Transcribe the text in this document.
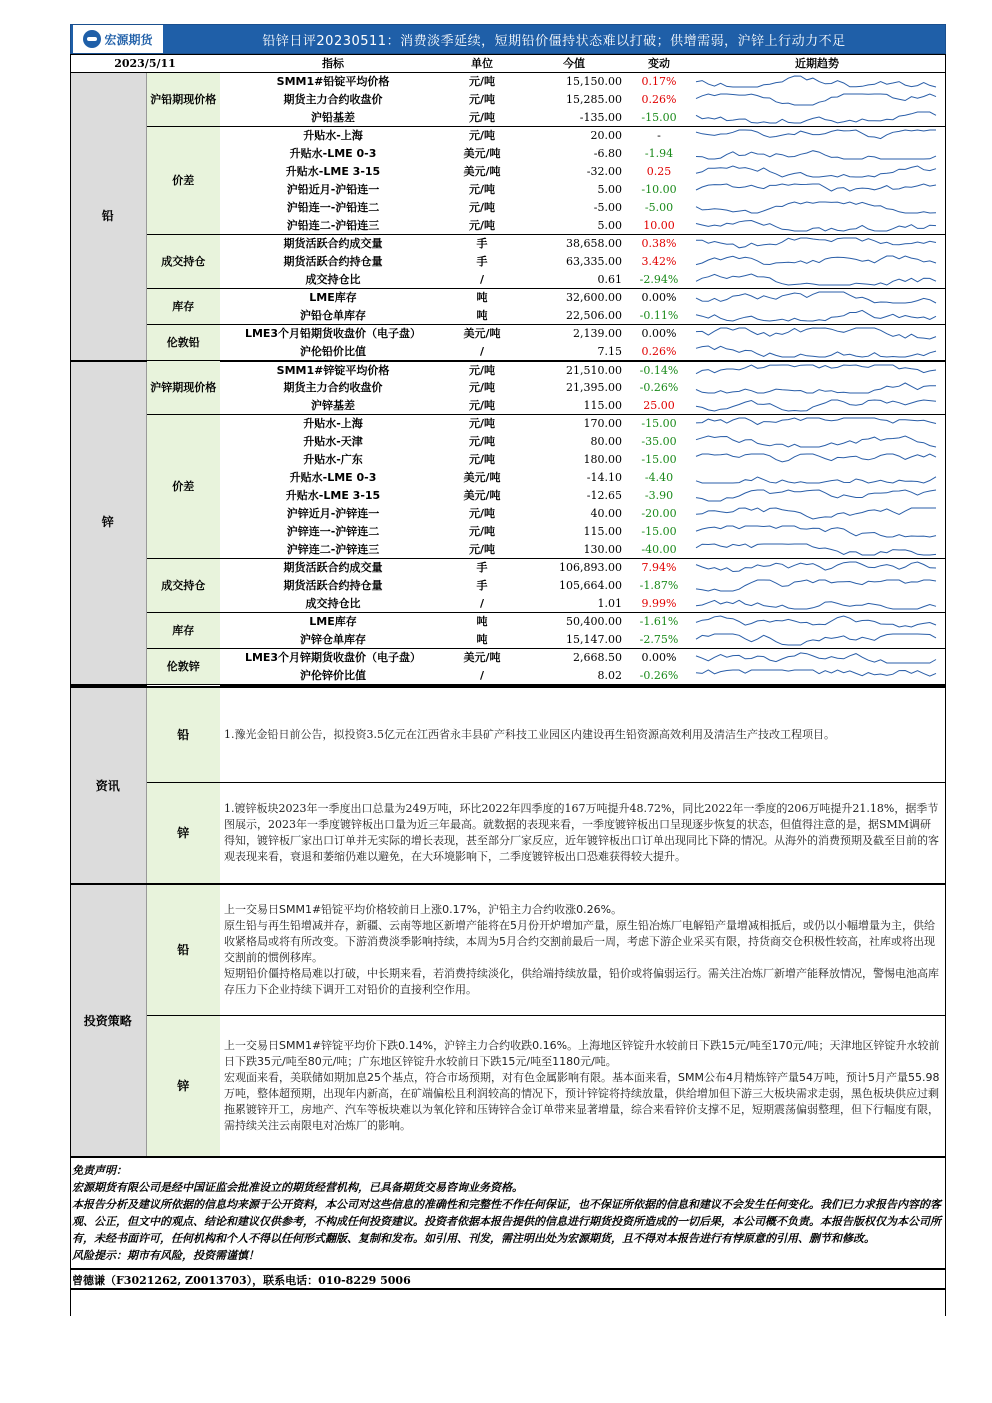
宏源期货	铅锌日评20230511：消费淡季延续，短期铅价僵持状态难以打破；供增需弱，沪锌上行动力不足
2023/5/11		指标	单位	今值	变动	近期趋势
铅	沪铅期现价格	SMM1#铅锭平均价格	元/吨	15,150.00	0.17%	

		期货主力合约收盘价	元/吨	15,285.00	0.26%	

		沪铅基差	元/吨	-135.00	-15.00	

	价差	升贴水-上海	元/吨	20.00	-	

		升贴水-LME 0-3	美元/吨	-6.80	-1.94	

		升贴水-LME 3-15	美元/吨	-32.00	0.25	

		沪铅近月-沪铅连一	元/吨	5.00	-10.00	

		沪铅连一-沪铅连二	元/吨	-5.00	-5.00	

		沪铅连二-沪铅连三	元/吨	5.00	10.00	

	成交持仓	期货活跃合约成交量	手	38,658.00	0.38%	

		期货活跃合约持仓量	手	63,335.00	3.42%	

		成交持仓比	/	0.61	-2.94%	

	库存	LME库存	吨	32,600.00	0.00%	

		沪铅仓单库存	吨	22,506.00	-0.11%	

	伦敦铅	LME3个月铅期货收盘价（电子盘）	美元/吨	2,139.00	0.00%	

		沪伦铅价比值	/	7.15	0.26%	

锌	沪锌期现价格	SMM1#锌锭平均价格	元/吨	21,510.00	-0.14%	

		期货主力合约收盘价	元/吨	21,395.00	-0.26%	

		沪锌基差	元/吨	115.00	25.00	

	价差	升贴水-上海	元/吨	170.00	-15.00	

		升贴水-天津	元/吨	80.00	-35.00	

		升贴水-广东	元/吨	180.00	-15.00	

		升贴水-LME 0-3	美元/吨	-14.10	-4.40	

		升贴水-LME 3-15	美元/吨	-12.65	-3.90	

		沪锌近月-沪锌连一	元/吨	40.00	-20.00	

		沪锌连一-沪锌连二	元/吨	115.00	-15.00	

		沪锌连二-沪锌连三	元/吨	130.00	-40.00	

	成交持仓	期货活跃合约成交量	手	106,893.00	7.94%	

		期货活跃合约持仓量	手	105,664.00	-1.87%	

		成交持仓比	/	1.01	9.99%	

	库存	LME库存	吨	50,400.00	-1.61%	

		沪锌仓单库存	吨	15,147.00	-2.75%	

	伦敦锌	LME3个月锌期货收盘价（电子盘）	美元/吨	2,668.50	0.00%	

		沪伦锌价比值	/	8.02	-0.26%	
资讯	铅	1.豫光金铅日前公告，拟投资3.5亿元在江西省永丰县矿产科技工业园区内建设再生铅资源高效利用及清洁生产技改工程项目。
	锌	1.镀锌板块2023年一季度出口总量为249万吨，环比2022年四季度的167万吨提升48.72%，同比2022年一季度的206万吨提升21.18%，据季节图展示，2023年一季度镀锌板出口量为近三年最高。就数据的表现来看，一季度镀锌板出口呈现逐步恢复的状态，但值得注意的是，据SMM调研得知，镀锌板厂家出口订单并无实际的增长表现，甚至部分厂家反应，近年镀锌板出口订单出现同比下降的情况。从海外的消费预期及截至目前的客观表现来看，衰退和萎缩仍难以避免，在大环境影响下，二季度镀锌板出口恐难获得较大提升。
投资策略	铅	上一交易日SMM1#铅锭平均价格较前日上涨0.17%，沪铅主力合约收涨0.26%。
原生铅与再生铅增减并存，新疆、云南等地区新增产能将在5月份开炉增加产量，原生铅冶炼厂电解铅产量增减相抵后，或仍以小幅增量为主，供给收紧格局或将有所改变。下游消费淡季影响持续，本周为5月合约交割前最后一周，考虑下游企业采买有限，持货商交仓积极性较高，社库或将出现交割前的惯例移库。
短期铅价僵持格局难以打破，中长期来看，若消费持续淡化，供给端持续放量，铅价或将偏弱运行。需关注冶炼厂新增产能释放情况，警惕电池高库存压力下企业持续下调开工对铅价的直接利空作用。

	锌	上一交易日SMM1#锌锭平均价下跌0.14%，沪锌主力合约收跌0.16%。上海地区锌锭升水较前日下跌15元/吨至170元/吨；天津地区锌锭升水较前日下跌35元/吨至80元/吨；广东地区锌锭升水较前日下跌15元/吨至1180元/吨。
宏观面来看，美联储如期加息25个基点，符合市场预期，对有色金属影响有限。基本面来看，SMM公布4月精炼锌产量54万吨，预计5月产量55.98万吨，整体超预期，出现年内新高，在矿端偏松且利润较高的情况下，预计锌锭将持续放量，供给增加但下游三大板块需求走弱，黑色板块供应过剩拖累镀锌开工，房地产、汽车等板块难以为氧化锌和压铸锌合金订单带来显著增量，综合来看锌价支撑不足，短期震荡偏弱整理，但下行幅度有限，需持续关注云南限电对冶炼厂的影响。
免责声明：
宏源期货有限公司是经中国证监会批准设立的期货经营机构，已具备期货交易咨询业务资格。
本报告分析及建议所依据的信息均来源于公开资料，本公司对这些信息的准确性和完整性不作任何保证，也不保证所依据的信息和建议不会发生任何变化。我们已力求报告内容的客观、公正，但文中的观点、结论和建议仅供参考，不构成任何投资建议。投资者依据本报告提供的信息进行期货投资所造成的一切后果，本公司概不负责。本报告版权仅为本公司所有，未经书面许可，任何机构和个人不得以任何形式翻版、复制和发布。如引用、刊发，需注明出处为宏源期货，且不得对本报告进行有悖原意的引用、删节和修改。
风险提示：期市有风险，投资需谨慎！
曾德谦（F3021262, Z0013703），联系电话：010-8229 5006
